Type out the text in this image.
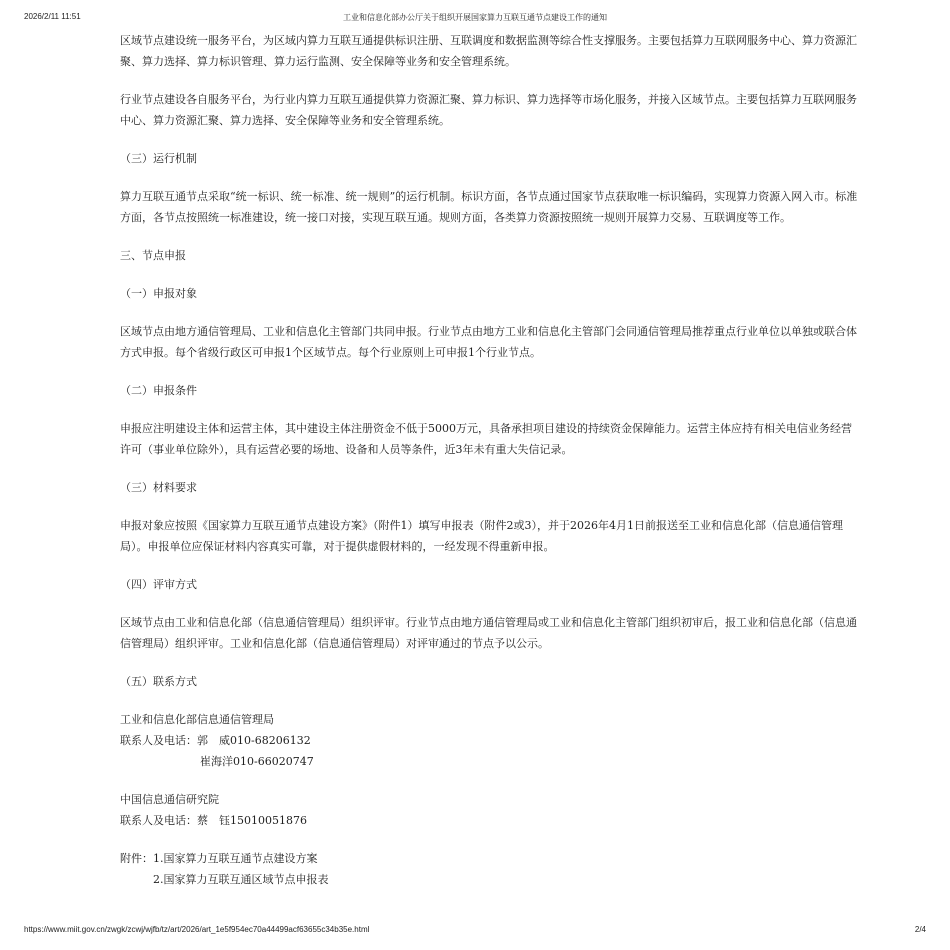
2026/2/11 11:51	工业和信息化部办公厅关于组织开展国家算力互联互通节点建设工作的通知

区域节点建设统一服务平台，为区域内算力互联互通提供标识注册、互联调度和数据监测等综合性支撑服务。主要包括算力互联网服务中心、算力资源汇聚、算力选择、算力标识管理、算力运行监测、安全保障等业务和安全管理系统。

行业节点建设各自服务平台，为行业内算力互联互通提供算力资源汇聚、算力标识、算力选择等市场化服务，并接入区域节点。主要包括算力互联网服务中心、算力资源汇聚、算力选择、安全保障等业务和安全管理系统。

（三）运行机制

算力互联互通节点采取“统一标识、统一标准、统一规则”的运行机制。标识方面，各节点通过国家节点获取唯一标识编码，实现算力资源入网入市。标准方面，各节点按照统一标准建设，统一接口对接，实现互联互通。规则方面，各类算力资源按照统一规则开展算力交易、互联调度等工作。

三、节点申报

（一）申报对象

区域节点由地方通信管理局、工业和信息化主管部门共同申报。行业节点由地方工业和信息化主管部门会同通信管理局推荐重点行业单位以单独或联合体方式申报。每个省级行政区可申报1个区域节点。每个行业原则上可申报1个行业节点。

（二）申报条件

申报应注明建设主体和运营主体，其中建设主体注册资金不低于5000万元，具备承担项目建设的持续资金保障能力。运营主体应持有相关电信业务经营许可（事业单位除外），具有运营必要的场地、设备和人员等条件，近3年未有重大失信记录。

（三）材料要求

申报对象应按照《国家算力互联互通节点建设方案》（附件1）填写申报表（附件2或3），并于2026年4月1日前报送至工业和信息化部（信息通信管理局）。申报单位应保证材料内容真实可靠，对于提供虚假材料的，一经发现不得重新申报。

（四）评审方式

区域节点由工业和信息化部（信息通信管理局）组织评审。行业节点由地方通信管理局或工业和信息化主管部门组织初审后，报工业和信息化部（信息通信管理局）组织评审。工业和信息化部（信息通信管理局）对评审通过的节点予以公示。

（五）联系方式

工业和信息化部信息通信管理局

联系人及电话：郭　威010-68206132

崔海洋010-66020747

中国信息通信研究院

联系人及电话：蔡　钰15010051876

附件：1.国家算力互联互通节点建设方案

2.国家算力互联互通区域节点申报表

https://www.miit.gov.cn/zwgk/zcwj/wjfb/tz/art/2026/art_1e5f954ec70a44499acf63655c34b35e.html	2/4
